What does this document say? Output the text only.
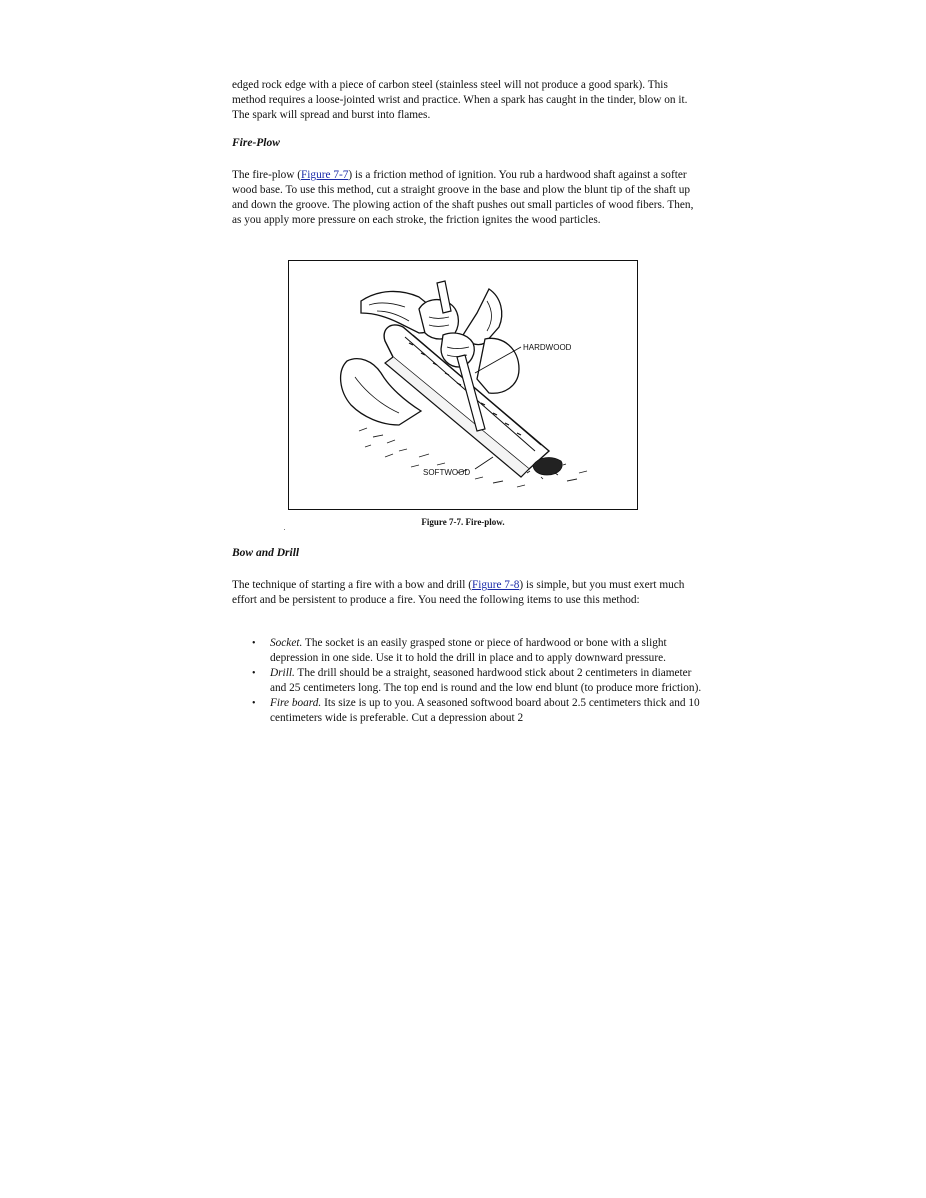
edged rock edge with a piece of carbon steel (stainless steel will not produce a good spark). This method requires a loose-jointed wrist and practice. When a spark has caught in the tinder, blow on it. The spark will spread and burst into flames.

Fire-Plow

The fire-plow (Figure 7-7) is a friction method of ignition. You rub a hardwood shaft against a softer wood base. To use this method, cut a straight groove in the base and plow the blunt tip of the shaft up and down the groove. The plowing action of the shaft pushes out small particles of wood fibers. Then, as you apply more pressure on each stroke, the friction ignites the wood particles.

HARDWOOD
SOFTWOOD

Figure 7-7. Fire-plow.

Bow and Drill

The technique of starting a fire with a bow and drill (Figure 7-8) is simple, but you must exert much effort and be persistent to produce a fire. You need the following items to use this method:

• Socket. The socket is an easily grasped stone or piece of hardwood or bone with a slight depression in one side. Use it to hold the drill in place and to apply downward pressure.
• Drill. The drill should be a straight, seasoned hardwood stick about 2 centimeters in diameter and 25 centimeters long. The top end is round and the low end blunt (to produce more friction).
• Fire board. Its size is up to you. A seasoned softwood board about 2.5 centimeters thick and 10 centimeters wide is preferable. Cut a depression about 2
